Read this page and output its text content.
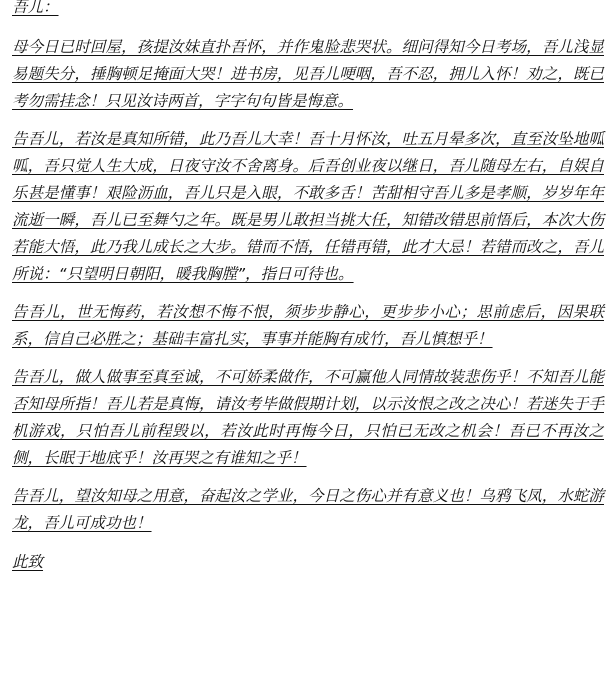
吾儿：

母今日已时回屋，孩提汝妹直扑吾怀，并作鬼脸悲哭状。细问得知今日考场，吾儿浅显易题失分，捶胸顿足掩面大哭！进书房，见吾儿哽咽，吾不忍，拥儿入怀！劝之，既已考勿需挂念！只见汝诗两首，字字句句皆是悔意。

告吾儿，若汝是真知所错，此乃吾儿大幸！吾十月怀汝，吐五月晕多次，直至汝坠地呱呱，吾只觉人生大成，日夜守汝不舍离身。后吾创业夜以继日，吾儿随母左右，自娱自乐甚是懂事！艰险沥血，吾儿只是入眼，不敢多舌！苦甜相守吾儿多是孝顺，岁岁年年流逝一瞬，吾儿已至舞勺之年。既是男儿敢担当挑大任，知错改错思前悟后，本次大伤若能大悟，此乃我儿成长之大步。错而不悟，任错再错，此才大忌！若错而改之，吾儿所说：“只望明日朝阳，暖我胸膛”，指日可待也。

告吾儿，世无悔药，若汝想不悔不恨，须步步静心，更步步小心；思前虑后，因果联系，信自己必胜之；基础丰富扎实，事事并能胸有成竹，吾儿慎想乎！

告吾儿，做人做事至真至诚，不可娇柔做作，不可赢他人同情故装悲伤乎！不知吾儿能否知母所指！吾儿若是真悔，请汝考毕做假期计划，以示汝恨之改之决心！若迷失于手机游戏，只怕吾儿前程毁以，若汝此时再悔今日，只怕已无改之机会！吾已不再汝之侧，长眠于地底乎！汝再哭之有谁知之乎！

告吾儿，望汝知母之用意，奋起汝之学业，今日之伤心并有意义也！乌鸦飞凤，水蛇游龙，吾儿可成功也！

此致
